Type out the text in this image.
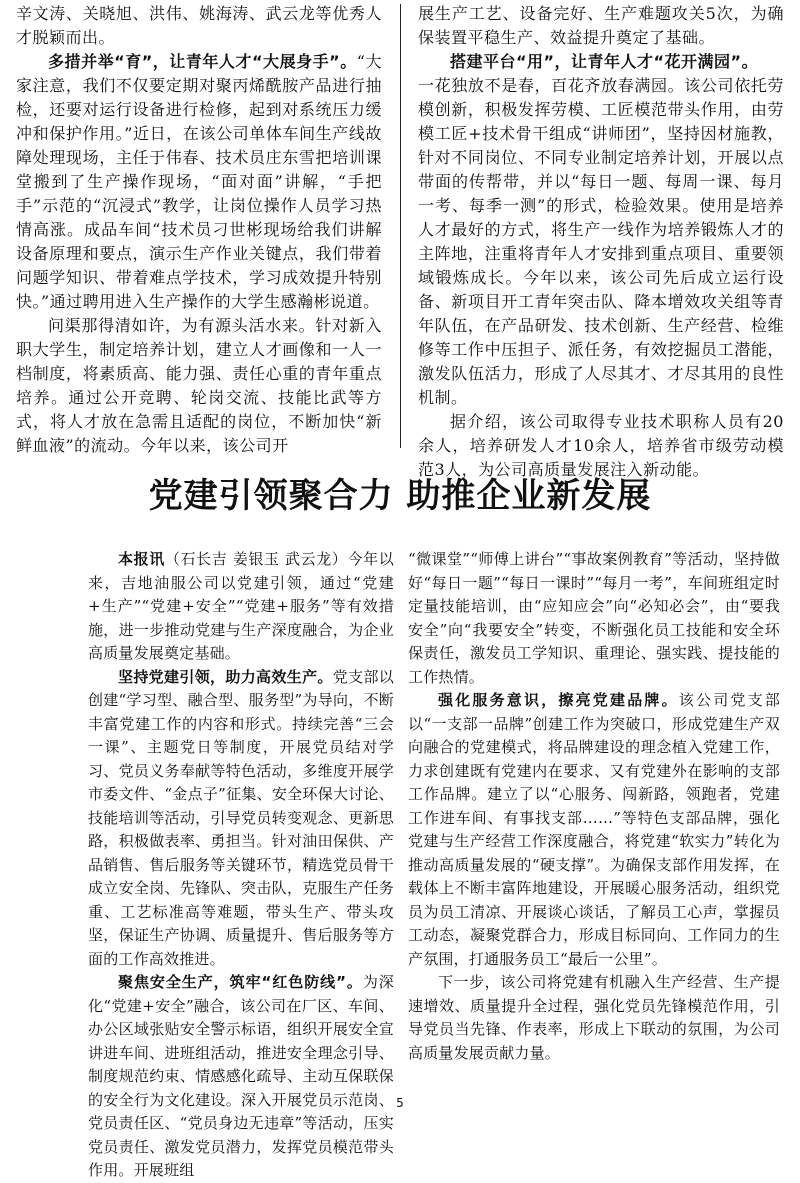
辛文涛、关晓旭、洪伟、姚海涛、武云龙等优秀人才脱颖而出。

多措并举“育”，让青年人才“大展身手”。“大家注意，我们不仅要定期对聚丙烯酰胺产品进行抽检，还要对运行设备进行检修，起到对系统压力缓冲和保护作用。”近日，在该公司单体车间生产线故障处理现场，主任于伟春、技术员庄东雪把培训课堂搬到了生产操作现场，“面对面”讲解，“手把手”示范的“沉浸式”教学，让岗位操作人员学习热情高涨。成品车间“技术员刁世彬现场给我们讲解设备原理和要点，演示生产作业关键点，我们带着问题学知识、带着难点学技术，学习成效提升特别快。”通过聘用进入生产操作的大学生感瀚彬说道。

问渠那得清如许，为有源头活水来。针对新入职大学生，制定培养计划，建立人才画像和一人一档制度，将素质高、能力强、责任心重的青年重点培养。通过公开竞聘、轮岗交流、技能比武等方式，将人才放在急需且适配的岗位，不断加快“新鲜血液”的流动。今年以来，该公司开

展生产工艺、设备完好、生产难题攻关5次，为确保装置平稳生产、效益提升奠定了基础。

搭建平台“用”，让青年人才“花开满园”。

一花独放不是春，百花齐放春满园。该公司依托劳模创新，积极发挥劳模、工匠模范带头作用，由劳模工匠+技术骨干组成“讲师团”，坚持因材施教，针对不同岗位、不同专业制定培养计划，开展以点带面的传帮带，并以“每日一题、每周一课、每月一考、每季一测”的形式，检验效果。使用是培养人才最好的方式，将生产一线作为培养锻炼人才的主阵地，注重将青年人才安排到重点项目、重要领域锻炼成长。今年以来，该公司先后成立运行设备、新项目开工青年突击队、降本增效攻关组等青年队伍，在产品研发、技术创新、生产经营、检维修等工作中压担子、派任务，有效挖掘员工潜能，激发队伍活力，形成了人尽其才、才尽其用的良性机制。

据介绍，该公司取得专业技术职称人员有20余人，培养研发人才10余人，培养省市级劳动模范3人，为公司高质量发展注入新动能。

党建引领聚合力 助推企业新发展

本报讯（石长吉 姜银玉 武云龙）今年以来，吉地油服公司以党建引领，通过“党建+生产”“党建+安全”“党建+服务”等有效措施，进一步推动党建与生产深度融合，为企业高质量发展奠定基础。

坚持党建引领，助力高效生产。党支部以创建“学习型、融合型、服务型”为导向，不断丰富党建工作的内容和形式。持续完善“三会一课”、主题党日等制度，开展党员结对学习、党员义务奉献等特色活动，多维度开展学市委文件、“金点子”征集、安全环保大讨论、技能培训等活动，引导党员转变观念、更新思路，积极做表率、勇担当。针对油田保供、产品销售、售后服务等关键环节，精选党员骨干成立安全岗、先锋队、突击队，克服生产任务重、工艺标准高等难题，带头生产、带头攻坚，保证生产协调、质量提升、售后服务等方面的工作高效推进。

聚焦安全生产，筑牢“红色防线”。为深化“党建+安全”融合，该公司在厂区、车间、办公区域张贴安全警示标语，组织开展安全宣讲进车间、进班组活动，推进安全理念引导、制度规范约束、情感感化疏导、主动互保联保的安全行为文化建设。深入开展党员示范岗、党员责任区、“党员身边无违章”等活动，压实党员责任、激发党员潜力，发挥党员模范带头作用。开展班组

“微课堂”“师傅上讲台”“事故案例教育”等活动，坚持做好“每日一题”“每日一课时”“每月一考”，车间班组定时定量技能培训，由“应知应会”向“必知必会”，由“要我安全”向“我要安全”转变，不断强化员工技能和安全环保责任，激发员工学知识、重理论、强实践、提技能的工作热情。

强化服务意识，擦亮党建品牌。该公司党支部以“一支部一品牌”创建工作为突破口，形成党建生产双向融合的党建模式，将品牌建设的理念植入党建工作，力求创建既有党建内在要求、又有党建外在影响的支部工作品牌。建立了以“心服务、闯新路，领跑者，党建工作进车间、有事找支部……”等特色支部品牌，强化党建与生产经营工作深度融合，将党建“软实力”转化为推动高质量发展的“硬支撑”。为确保支部作用发挥，在载体上不断丰富阵地建设，开展暖心服务活动，组织党员为员工清凉、开展谈心谈话，了解员工心声，掌握员工动态，凝聚党群合力，形成目标同向、工作同力的生产氛围，打通服务员工“最后一公里”。

下一步，该公司将党建有机融入生产经营、生产提速增效、质量提升全过程，强化党员先锋模范作用，引导党员当先锋、作表率，形成上下联动的氛围，为公司高质量发展贡献力量。

5
